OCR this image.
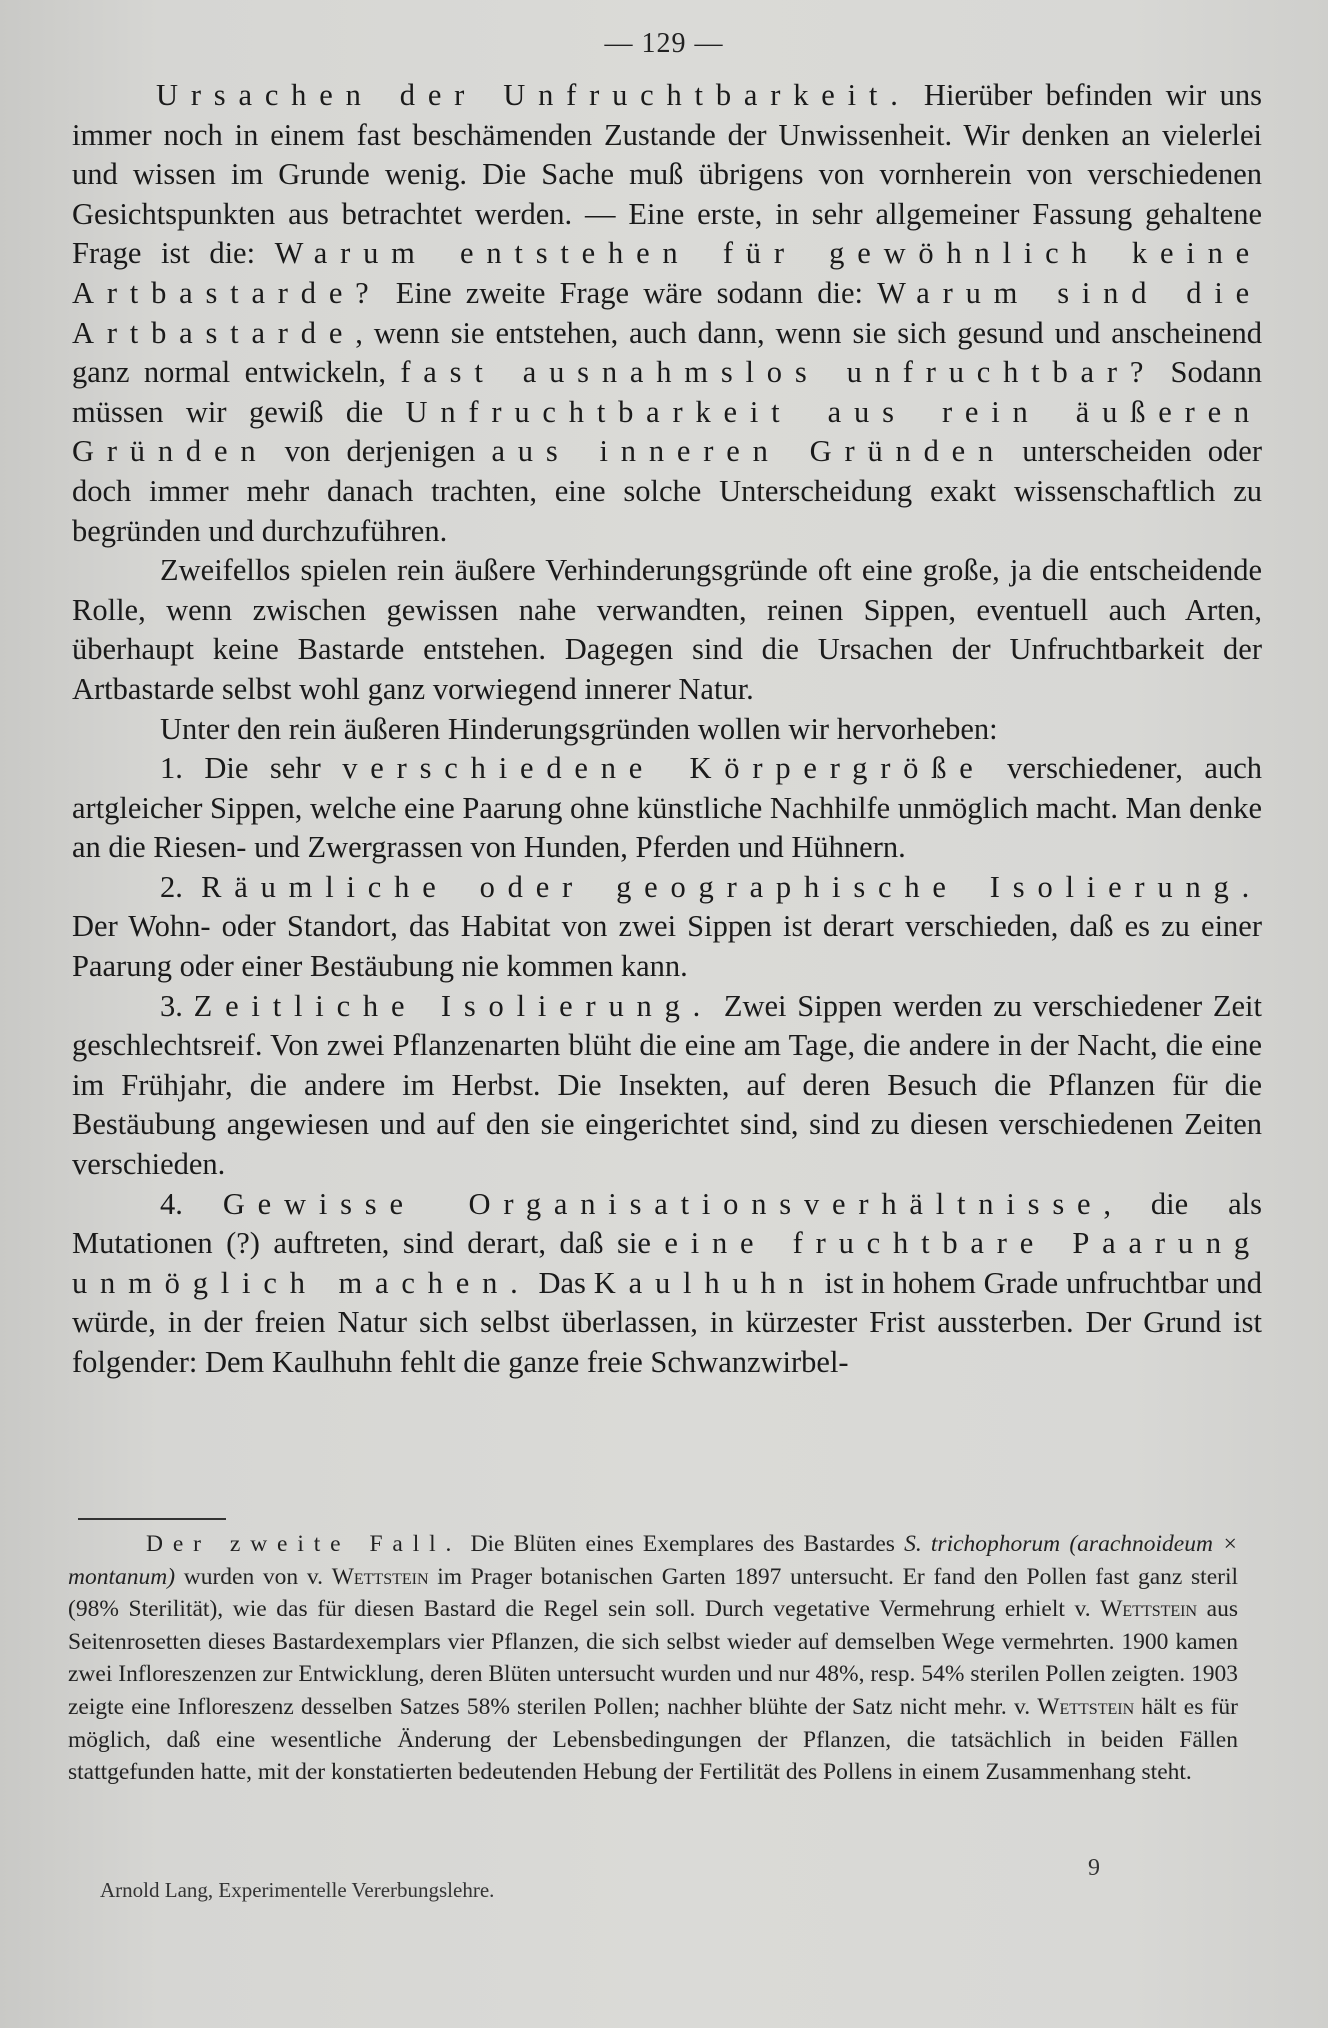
— 129 —

Ursachen der Unfruchtbarkeit. Hierüber befinden wir uns immer noch in einem fast beschämenden Zustande der Unwissenheit. Wir denken an vielerlei und wissen im Grunde wenig. Die Sache muß übrigens von vornherein von verschiedenen Gesichtspunkten aus betrachtet werden. — Eine erste, in sehr allgemeiner Fassung gehaltene Frage ist die: Warum entstehen für gewöhnlich keine Artbastarde? Eine zweite Frage wäre sodann die: Warum sind die Artbastarde, wenn sie entstehen, auch dann, wenn sie sich gesund und anscheinend ganz normal entwickeln, fast ausnahmslos unfruchtbar? Sodann müssen wir gewiß die Unfruchtbarkeit aus rein äußeren Gründen von derjenigen aus inneren Gründen unterscheiden oder doch immer mehr danach trachten, eine solche Unterscheidung exakt wissenschaftlich zu begründen und durchzuführen.

Zweifellos spielen rein äußere Verhinderungsgründe oft eine große, ja die entscheidende Rolle, wenn zwischen gewissen nahe verwandten, reinen Sippen, eventuell auch Arten, überhaupt keine Bastarde entstehen. Dagegen sind die Ursachen der Unfruchtbarkeit der Artbastarde selbst wohl ganz vorwiegend innerer Natur.

Unter den rein äußeren Hinderungsgründen wollen wir hervorheben:

1. Die sehr verschiedene Körpergröße verschiedener, auch artgleicher Sippen, welche eine Paarung ohne künstliche Nachhilfe unmöglich macht. Man denke an die Riesen- und Zwergrassen von Hunden, Pferden und Hühnern.

2. Räumliche oder geographische Isolierung. Der Wohn- oder Standort, das Habitat von zwei Sippen ist derart verschieden, daß es zu einer Paarung oder einer Bestäubung nie kommen kann.

3. Zeitliche Isolierung. Zwei Sippen werden zu verschiedener Zeit geschlechtsreif. Von zwei Pflanzenarten blüht die eine am Tage, die andere in der Nacht, die eine im Frühjahr, die andere im Herbst. Die Insekten, auf deren Besuch die Pflanzen für die Bestäubung angewiesen und auf den sie eingerichtet sind, sind zu diesen verschiedenen Zeiten verschieden.

4. Gewisse Organisationsverhältnisse, die als Mutationen (?) auftreten, sind derart, daß sie eine fruchtbare Paarung unmöglich machen. Das Kaulhuhn ist in hohem Grade unfruchtbar und würde, in der freien Natur sich selbst überlassen, in kürzester Frist aussterben. Der Grund ist folgender: Dem Kaulhuhn fehlt die ganze freie Schwanzwirbel-

Der zweite Fall. Die Blüten eines Exemplares des Bastardes S. trichophorum (arachnoideum × montanum) wurden von v. Wettstein im Prager botanischen Garten 1897 untersucht. Er fand den Pollen fast ganz steril (98% Sterilität), wie das für diesen Bastard die Regel sein soll. Durch vegetative Vermehrung erhielt v. Wettstein aus Seitenrosetten dieses Bastardexemplars vier Pflanzen, die sich selbst wieder auf demselben Wege vermehrten. 1900 kamen zwei Infloreszenzen zur Entwicklung, deren Blüten untersucht wurden und nur 48%, resp. 54% sterilen Pollen zeigten. 1903 zeigte eine Infloreszenz desselben Satzes 58% sterilen Pollen; nachher blühte der Satz nicht mehr. v. Wettstein hält es für möglich, daß eine wesentliche Änderung der Lebensbedingungen der Pflanzen, die tatsächlich in beiden Fällen stattgefunden hatte, mit der konstatierten bedeutenden Hebung der Fertilität des Pollens in einem Zusammenhang steht.

9
Arnold Lang, Experimentelle Vererbungslehre.
